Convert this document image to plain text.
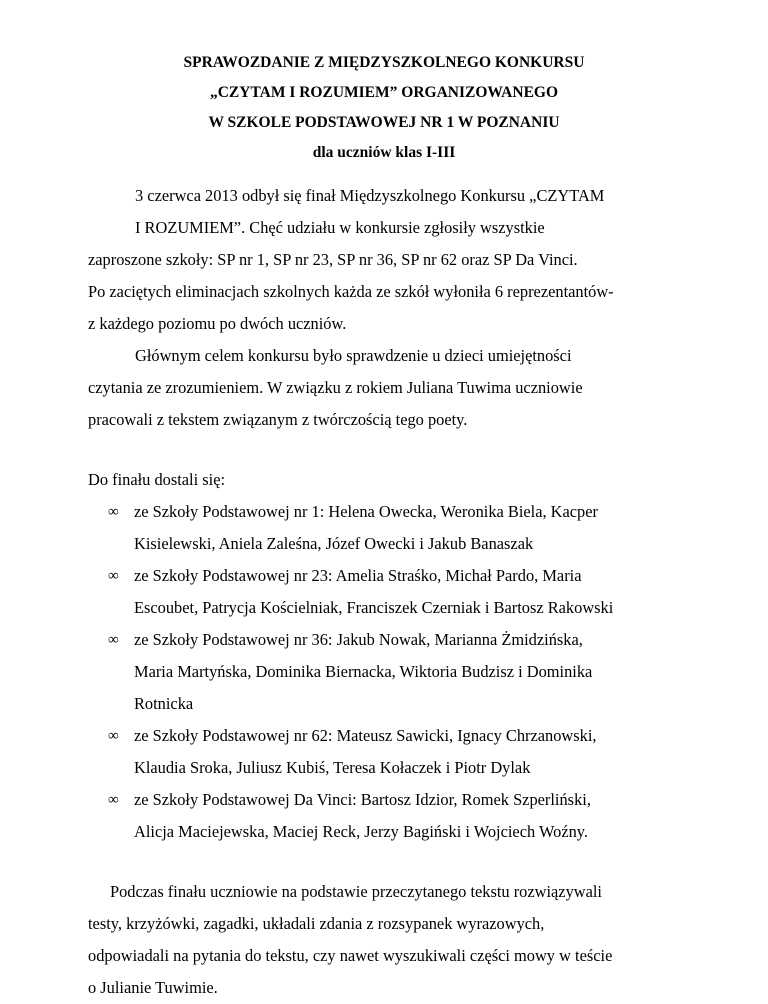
SPRAWOZDANIE Z MIĘDZYSZKOLNEGO KONKURSU
„CZYTAM I ROZUMIEM” ORGANIZOWANEGO
W SZKOLE PODSTAWOWEJ NR 1 W POZNANIU
dla uczniów klas I-III
3 czerwca 2013 odbył się finał Międzyszkolnego Konkursu „CZYTAM
I ROZUMIEM”. Chęć udziału w konkursie zgłosiły wszystkie
zaproszone szkoły: SP nr 1, SP nr 23, SP nr 36, SP nr 62 oraz SP Da Vinci.
Po zaciętych eliminacjach szkolnych każda ze szkół wyłoniła 6 reprezentantów-
z każdego poziomu po dwóch uczniów.
Głównym celem konkursu było sprawdzenie u dzieci umiejętności
czytania ze zrozumieniem. W związku z rokiem Juliana Tuwima uczniowie
pracowali z tekstem związanym z twórczością tego poety.
Do finału dostali się:
∞ ze Szkoły Podstawowej nr 1: Helena Owecka, Weronika Biela, Kacper
Kisielewski, Aniela Zaleśna, Józef Owecki i Jakub Banaszak
∞ ze Szkoły Podstawowej nr 23: Amelia Straśko, Michał Pardo, Maria
Escoubet, Patrycja Kościelniak, Franciszek Czerniak i Bartosz Rakowski
∞ ze Szkoły Podstawowej nr 36: Jakub Nowak, Marianna Żmidzińska,
Maria Martyńska, Dominika Biernacka, Wiktoria Budzisz i Dominika
Rotnicka
∞ ze Szkoły Podstawowej nr 62: Mateusz Sawicki, Ignacy Chrzanowski,
Klaudia Sroka, Juliusz Kubiś, Teresa Kołaczek i Piotr Dylak
∞ ze Szkoły Podstawowej Da Vinci: Bartosz Idzior, Romek Szperliński,
Alicja Maciejewska, Maciej Reck, Jerzy Bagiński i Wojciech Woźny.
Podczas finału uczniowie na podstawie przeczytanego tekstu rozwiązywali
testy, krzyżówki, zagadki, układali zdania z rozsypanek wyrazowych,
odpowiadali na pytania do tekstu, czy nawet wyszukiwali części mowy w teście
o Julianie Tuwimie.
